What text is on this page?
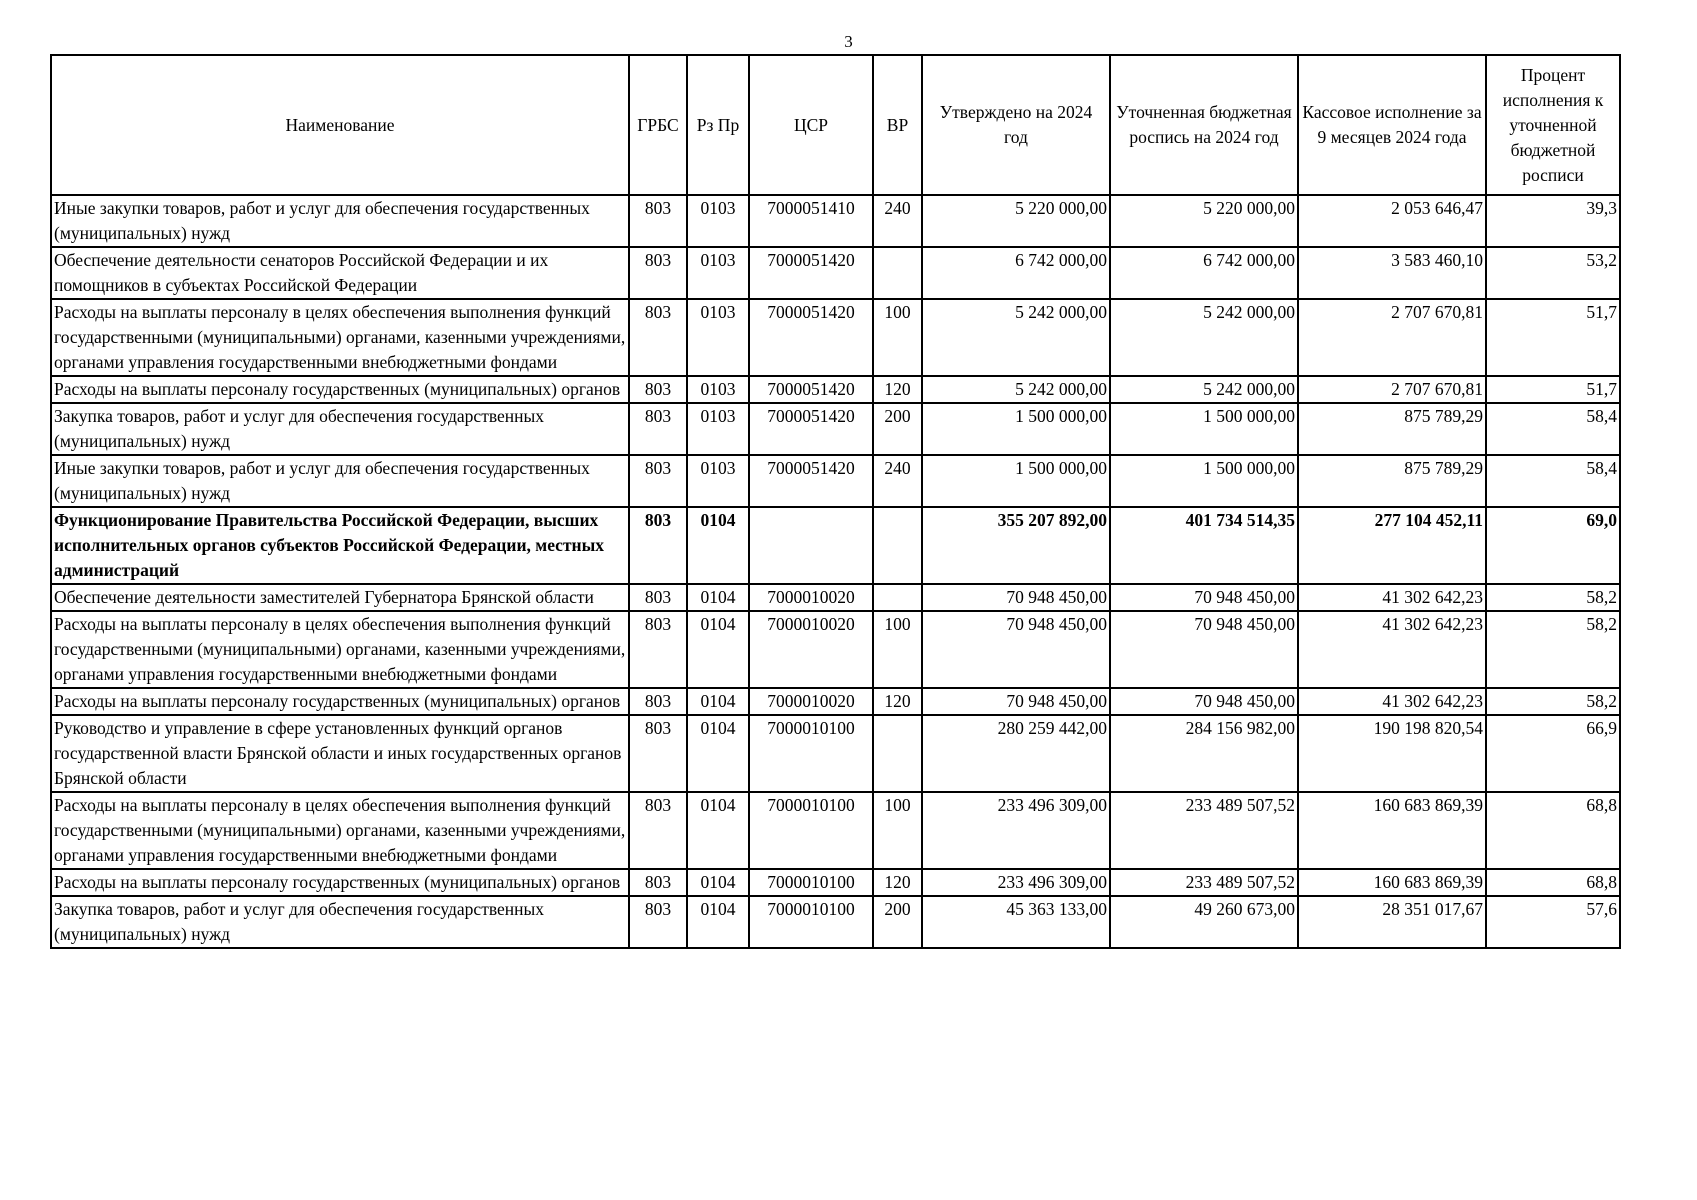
3
Наименование	ГРБС	Рз Пр	ЦСР	ВР	Утверждено на 2024 год	Уточненная бюджетная роспись на 2024 год	Кассовое исполнение за 9 месяцев 2024 года	Процент исполнения к уточненной бюджетной росписи
Иные закупки товаров, работ и услуг для обеспечения государственных (муниципальных) нужд	803	0103	7000051410	240	5 220 000,00	5 220 000,00	2 053 646,47	39,3
Обеспечение деятельности сенаторов Российской Федерации и их помощников в субъектах Российской Федерации	803	0103	7000051420		6 742 000,00	6 742 000,00	3 583 460,10	53,2
Расходы на выплаты персоналу в целях обеспечения выполнения функций государственными (муниципальными) органами, казенными учреждениями, органами управления государственными внебюджетными фондами	803	0103	7000051420	100	5 242 000,00	5 242 000,00	2 707 670,81	51,7
Расходы на выплаты персоналу государственных (муниципальных) органов	803	0103	7000051420	120	5 242 000,00	5 242 000,00	2 707 670,81	51,7
Закупка товаров, работ и услуг для обеспечения государственных (муниципальных) нужд	803	0103	7000051420	200	1 500 000,00	1 500 000,00	875 789,29	58,4
Иные закупки товаров, работ и услуг для обеспечения государственных (муниципальных) нужд	803	0103	7000051420	240	1 500 000,00	1 500 000,00	875 789,29	58,4
Функционирование Правительства Российской Федерации, высших исполнительных органов субъектов Российской Федерации, местных администраций	803	0104			355 207 892,00	401 734 514,35	277 104 452,11	69,0
Обеспечение деятельности заместителей Губернатора Брянской области	803	0104	7000010020		70 948 450,00	70 948 450,00	41 302 642,23	58,2
Расходы на выплаты персоналу в целях обеспечения выполнения функций государственными (муниципальными) органами, казенными учреждениями, органами управления государственными внебюджетными фондами	803	0104	7000010020	100	70 948 450,00	70 948 450,00	41 302 642,23	58,2
Расходы на выплаты персоналу государственных (муниципальных) органов	803	0104	7000010020	120	70 948 450,00	70 948 450,00	41 302 642,23	58,2
Руководство и управление в сфере установленных функций органов государственной власти Брянской области и иных государственных органов Брянской области	803	0104	7000010100		280 259 442,00	284 156 982,00	190 198 820,54	66,9
Расходы на выплаты персоналу в целях обеспечения выполнения функций государственными (муниципальными) органами, казенными учреждениями, органами управления государственными внебюджетными фондами	803	0104	7000010100	100	233 496 309,00	233 489 507,52	160 683 869,39	68,8
Расходы на выплаты персоналу государственных (муниципальных) органов	803	0104	7000010100	120	233 496 309,00	233 489 507,52	160 683 869,39	68,8
Закупка товаров, работ и услуг для обеспечения государственных (муниципальных) нужд	803	0104	7000010100	200	45 363 133,00	49 260 673,00	28 351 017,67	57,6
